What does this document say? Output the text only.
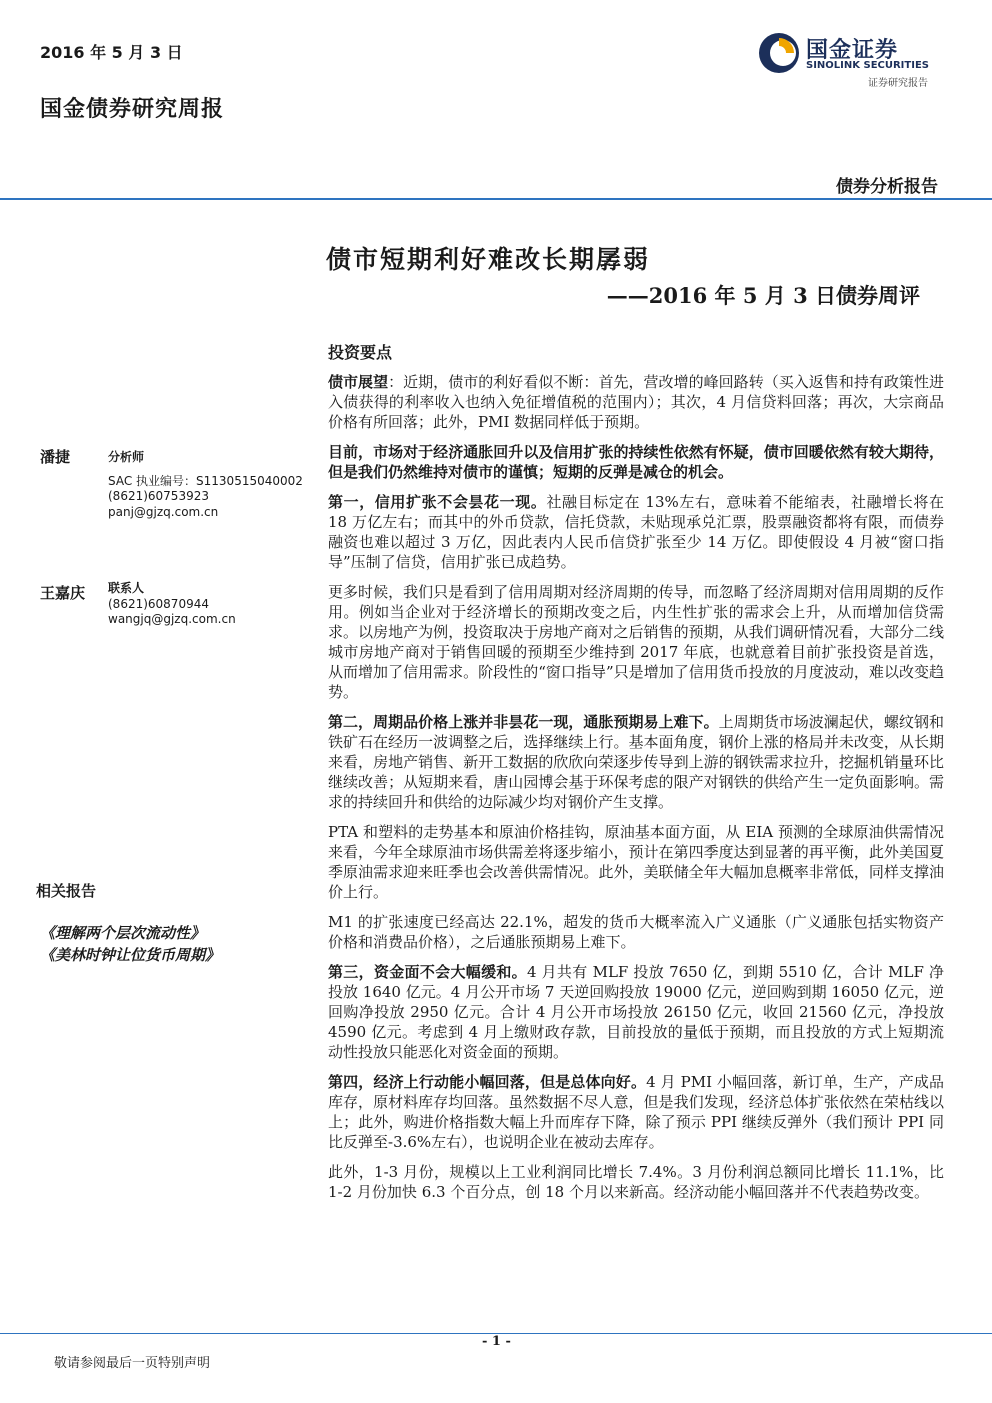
2016 年 5 月 3 日
国金债券研究周报
国金证券
SINOLINK SECURITIES
证券研究报告
债券分析报告
债市短期利好难改长期孱弱
——2016 年 5 月 3 日债券周评
潘捷	分析师
SAC 执业编号：S1130515040002
(8621)60753923
panj@gjzq.com.cn
王嘉庆 联系人
(8621)60870944
wangjq@gjzq.com.cn
相关报告
《理解两个层次流动性》
《美林时钟让位货币周期》
投资要点

债市展望：近期，债市的利好看似不断：首先，营改增的峰回路转（买入返售和持有政策性进入债获得的利率收入也纳入免征增值税的范围内）；其次，4 月信贷料回落；再次，大宗商品价格有所回落；此外，PMI 数据同样低于预期。

目前，市场对于经济通胀回升以及信用扩张的持续性依然有怀疑，债市回暖依然有较大期待，但是我们仍然维持对债市的谨慎；短期的反弹是减仓的机会。

第一，信用扩张不会昙花一现。社融目标定在 13%左右，意味着不能缩表，社融增长将在 18 万亿左右；而其中的外币贷款，信托贷款，未贴现承兑汇票，股票融资都将有限，而债券融资也难以超过 3 万亿，因此表内人民币信贷扩张至少 14 万亿。即使假设 4 月被“窗口指导”压制了信贷，信用扩张已成趋势。

更多时候，我们只是看到了信用周期对经济周期的传导，而忽略了经济周期对信用周期的反作用。例如当企业对于经济增长的预期改变之后，内生性扩张的需求会上升，从而增加信贷需求。以房地产为例，投资取决于房地产商对之后销售的预期，从我们调研情况看，大部分二线城市房地产商对于销售回暖的预期至少维持到 2017 年底，也就意着目前扩张投资是首选，从而增加了信用需求。阶段性的“窗口指导”只是增加了信用货币投放的月度波动，难以改变趋势。

第二，周期品价格上涨并非昙花一现，通胀预期易上难下。上周期货市场波澜起伏，螺纹钢和铁矿石在经历一波调整之后，选择继续上行。基本面角度，钢价上涨的格局并未改变，从长期来看，房地产销售、新开工数据的欣欣向荣逐步传导到上游的钢铁需求拉升，挖掘机销量环比继续改善；从短期来看，唐山园博会基于环保考虑的限产对钢铁的供给产生一定负面影响。需求的持续回升和供给的边际减少均对钢价产生支撑。

PTA 和塑料的走势基本和原油价格挂钩，原油基本面方面，从 EIA 预测的全球原油供需情况来看，今年全球原油市场供需差将逐步缩小，预计在第四季度达到显著的再平衡，此外美国夏季原油需求迎来旺季也会改善供需情况。此外，美联储全年大幅加息概率非常低，同样支撑油价上行。

M1 的扩张速度已经高达 22.1%，超发的货币大概率流入广义通胀（广义通胀包括实物资产价格和消费品价格），之后通胀预期易上难下。

第三，资金面不会大幅缓和。4 月共有 MLF 投放 7650 亿，到期 5510 亿，合计 MLF 净投放 1640 亿元。4 月公开市场 7 天逆回购投放 19000 亿元，逆回购到期 16050 亿元，逆回购净投放 2950 亿元。合计 4 月公开市场投放 26150 亿元，收回 21560 亿元，净投放 4590 亿元。考虑到 4 月上缴财政存款，目前投放的量低于预期，而且投放的方式上短期流动性投放只能恶化对资金面的预期。

第四，经济上行动能小幅回落，但是总体向好。4 月 PMI 小幅回落，新订单，生产，产成品库存，原材料库存均回落。虽然数据不尽人意，但是我们发现，经济总体扩张依然在荣枯线以上；此外，购进价格指数大幅上升而库存下降，除了预示 PPI 继续反弹外（我们预计 PPI 同比反弹至-3.6%左右），也说明企业在被动去库存。

此外，1-3 月份，规模以上工业利润同比增长 7.4%。3 月份利润总额同比增长 11.1%，比 1-2 月份加快 6.3 个百分点，创 18 个月以来新高。经济动能小幅回落并不代表趋势改变。

- 1 -
敬请参阅最后一页特别声明
